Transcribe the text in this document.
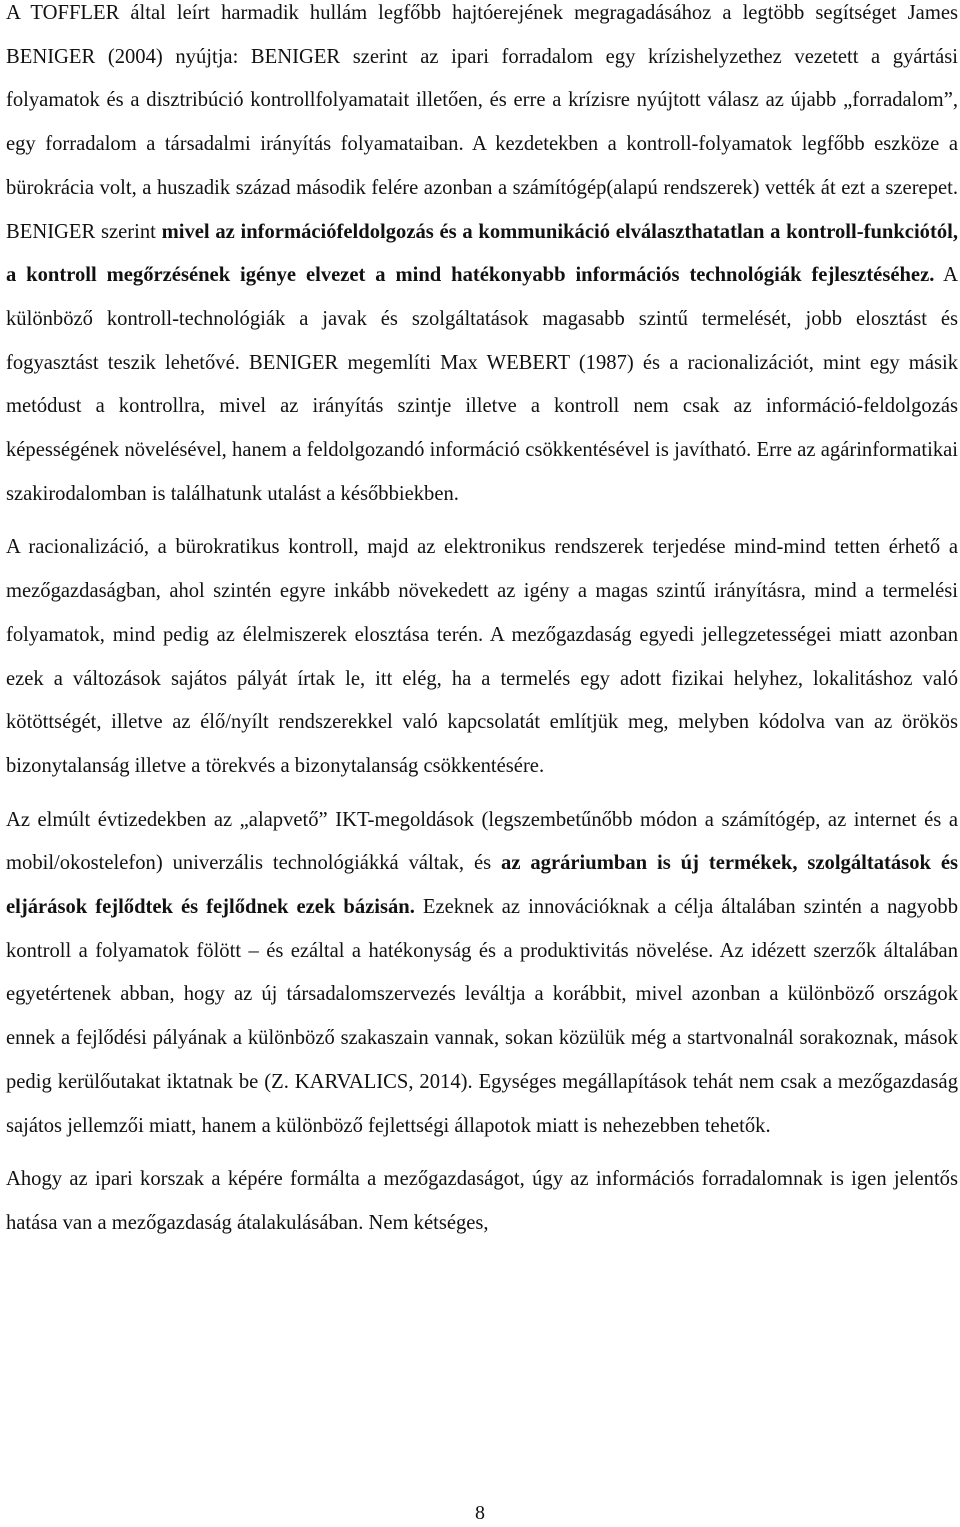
A TOFFLER által leírt harmadik hullám legfőbb hajtóerejének megragadásához a legtöbb segítséget James BENIGER (2004) nyújtja: BENIGER szerint az ipari forradalom egy krízishelyzethez vezetett a gyártási folyamatok és a disztribúció kontrollfolyamatait illetően, és erre a krízisre nyújtott válasz az újabb „forradalom”, egy forradalom a társadalmi irányítás folyamataiban. A kezdetekben a kontroll-folyamatok legfőbb eszköze a bürokrácia volt, a huszadik század második felére azonban a számítógép(alapú rendszerek) vették át ezt a szerepet. BENIGER szerint mivel az információfeldolgozás és a kommunikáció elválaszthatatlan a kontroll-funkciótól, a kontroll megőrzésének igénye elvezet a mind hatékonyabb információs technológiák fejlesztéséhez. A különböző kontroll-technológiák a javak és szolgáltatások magasabb szintű termelését, jobb elosztást és fogyasztást teszik lehetővé. BENIGER megemlíti Max WEBERT (1987) és a racionalizációt, mint egy másik metódust a kontrollra, mivel az irányítás szintje illetve a kontroll nem csak az információ-feldolgozás képességének növelésével, hanem a feldolgozandó információ csökkentésével is javítható. Erre az agárinformatikai szakirodalomban is találhatunk utalást a későbbiekben.

A racionalizáció, a bürokratikus kontroll, majd az elektronikus rendszerek terjedése mind-mind tetten érhető a mezőgazdaságban, ahol szintén egyre inkább növekedett az igény a magas szintű irányításra, mind a termelési folyamatok, mind pedig az élelmiszerek elosztása terén. A mezőgazdaság egyedi jellegzetességei miatt azonban ezek a változások sajátos pályát írtak le, itt elég, ha a termelés egy adott fizikai helyhez, lokalitáshoz való kötöttségét, illetve az élő/nyílt rendszerekkel való kapcsolatát említjük meg, melyben kódolva van az örökös bizonytalanság illetve a törekvés a bizonytalanság csökkentésére.

Az elmúlt évtizedekben az „alapvető” IKT-megoldások (legszembetűnőbb módon a számítógép, az internet és a mobil/okostelefon) univerzális technológiákká váltak, és az agráriumban is új termékek, szolgáltatások és eljárások fejlődtek és fejlődnek ezek bázisán. Ezeknek az innovációknak a célja általában szintén a nagyobb kontroll a folyamatok fölött – és ezáltal a hatékonyság és a produktivitás növelése. Az idézett szerzők általában egyetértenek abban, hogy az új társadalomszervezés leváltja a korábbit, mivel azonban a különböző országok ennek a fejlődési pályának a különböző szakaszain vannak, sokan közülük még a startvonalnál sorakoznak, mások pedig kerülőutakat iktatnak be (Z. KARVALICS, 2014). Egységes megállapítások tehát nem csak a mezőgazdaság sajátos jellemzői miatt, hanem a különböző fejlettségi állapotok miatt is nehezebben tehetők.

Ahogy az ipari korszak a képére formálta a mezőgazdaságot, úgy az információs forradalomnak is igen jelentős hatása van a mezőgazdaság átalakulásában. Nem kétséges,

8
